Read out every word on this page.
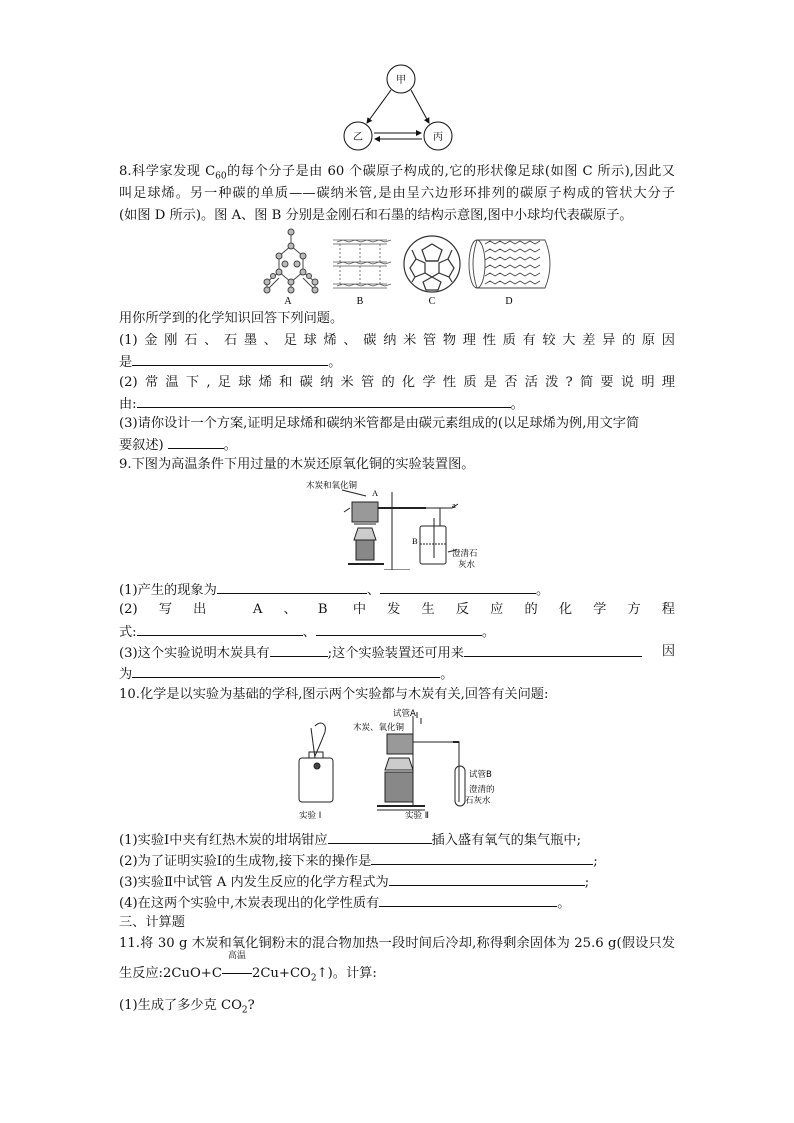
甲
乙	丙
8.科学家发现 $C_{60}$的每个分子是由 60 个碳原子构成的,它的形状像足球(如图 C 所示),因此又
叫足球烯。另一种碳的单质——碳纳米管,是由呈六边形环排列的碳原子构成的管状大分子
(如图 D 所示)。图 A、图 B 分别是金刚石和石墨的结构示意图,图中小球均代表碳原子。
A	B	C	D
用你所学到的化学知识回答下列问题。
(1)金刚石、石墨、足球烯、碳纳米管物理性质有较大差异的原因
是	。
(2)常温下,足球烯和碳纳米管的化学性质是否活泼?简要说明理
由:	。
(3)请你设计一个方案,证明足球烯和碳纳米管都是由碳元素组成的(以足球烯为例,用文字简
要叙述)	。
9.下图为高温条件下用过量的木炭还原氧化铜的实验装置图。
木炭和氧化铜
A
a
B
澄清石
灰水
(1)产生的现象为	、	。
(2)写出 A、B 中发生反应的化学方程
式:	、	。
(3)这个实验说明木炭具有	;这个实验装置还可用来	因
为	。
10.化学是以实验为基础的学科,图示两个实验都与木炭有关,回答有关问题:
试管A
木炭、氧化铜
试管B
澄清的
石灰水
实验 Ⅰ	实验 Ⅱ
(1)实验Ⅰ中夹有红热木炭的坩埚钳应	插入盛有氧气的集气瓶中;
(2)为了证明实验Ⅰ的生成物,接下来的操作是	;
(3)实验Ⅱ中试管 A 内发生反应的化学方程式为	;
(4)在这两个实验中,木炭表现出的化学性质有	。
三、计算题
11.将 30 g 木炭和氧化铜粉末的混合物加热一段时间后冷却,称得剩余固体为 25.6 g(假设只发
生反应:2CuO+C
高温
$2Cu+CO_2↑$)。计算:
(1)生成了多少克 $CO_2$?
